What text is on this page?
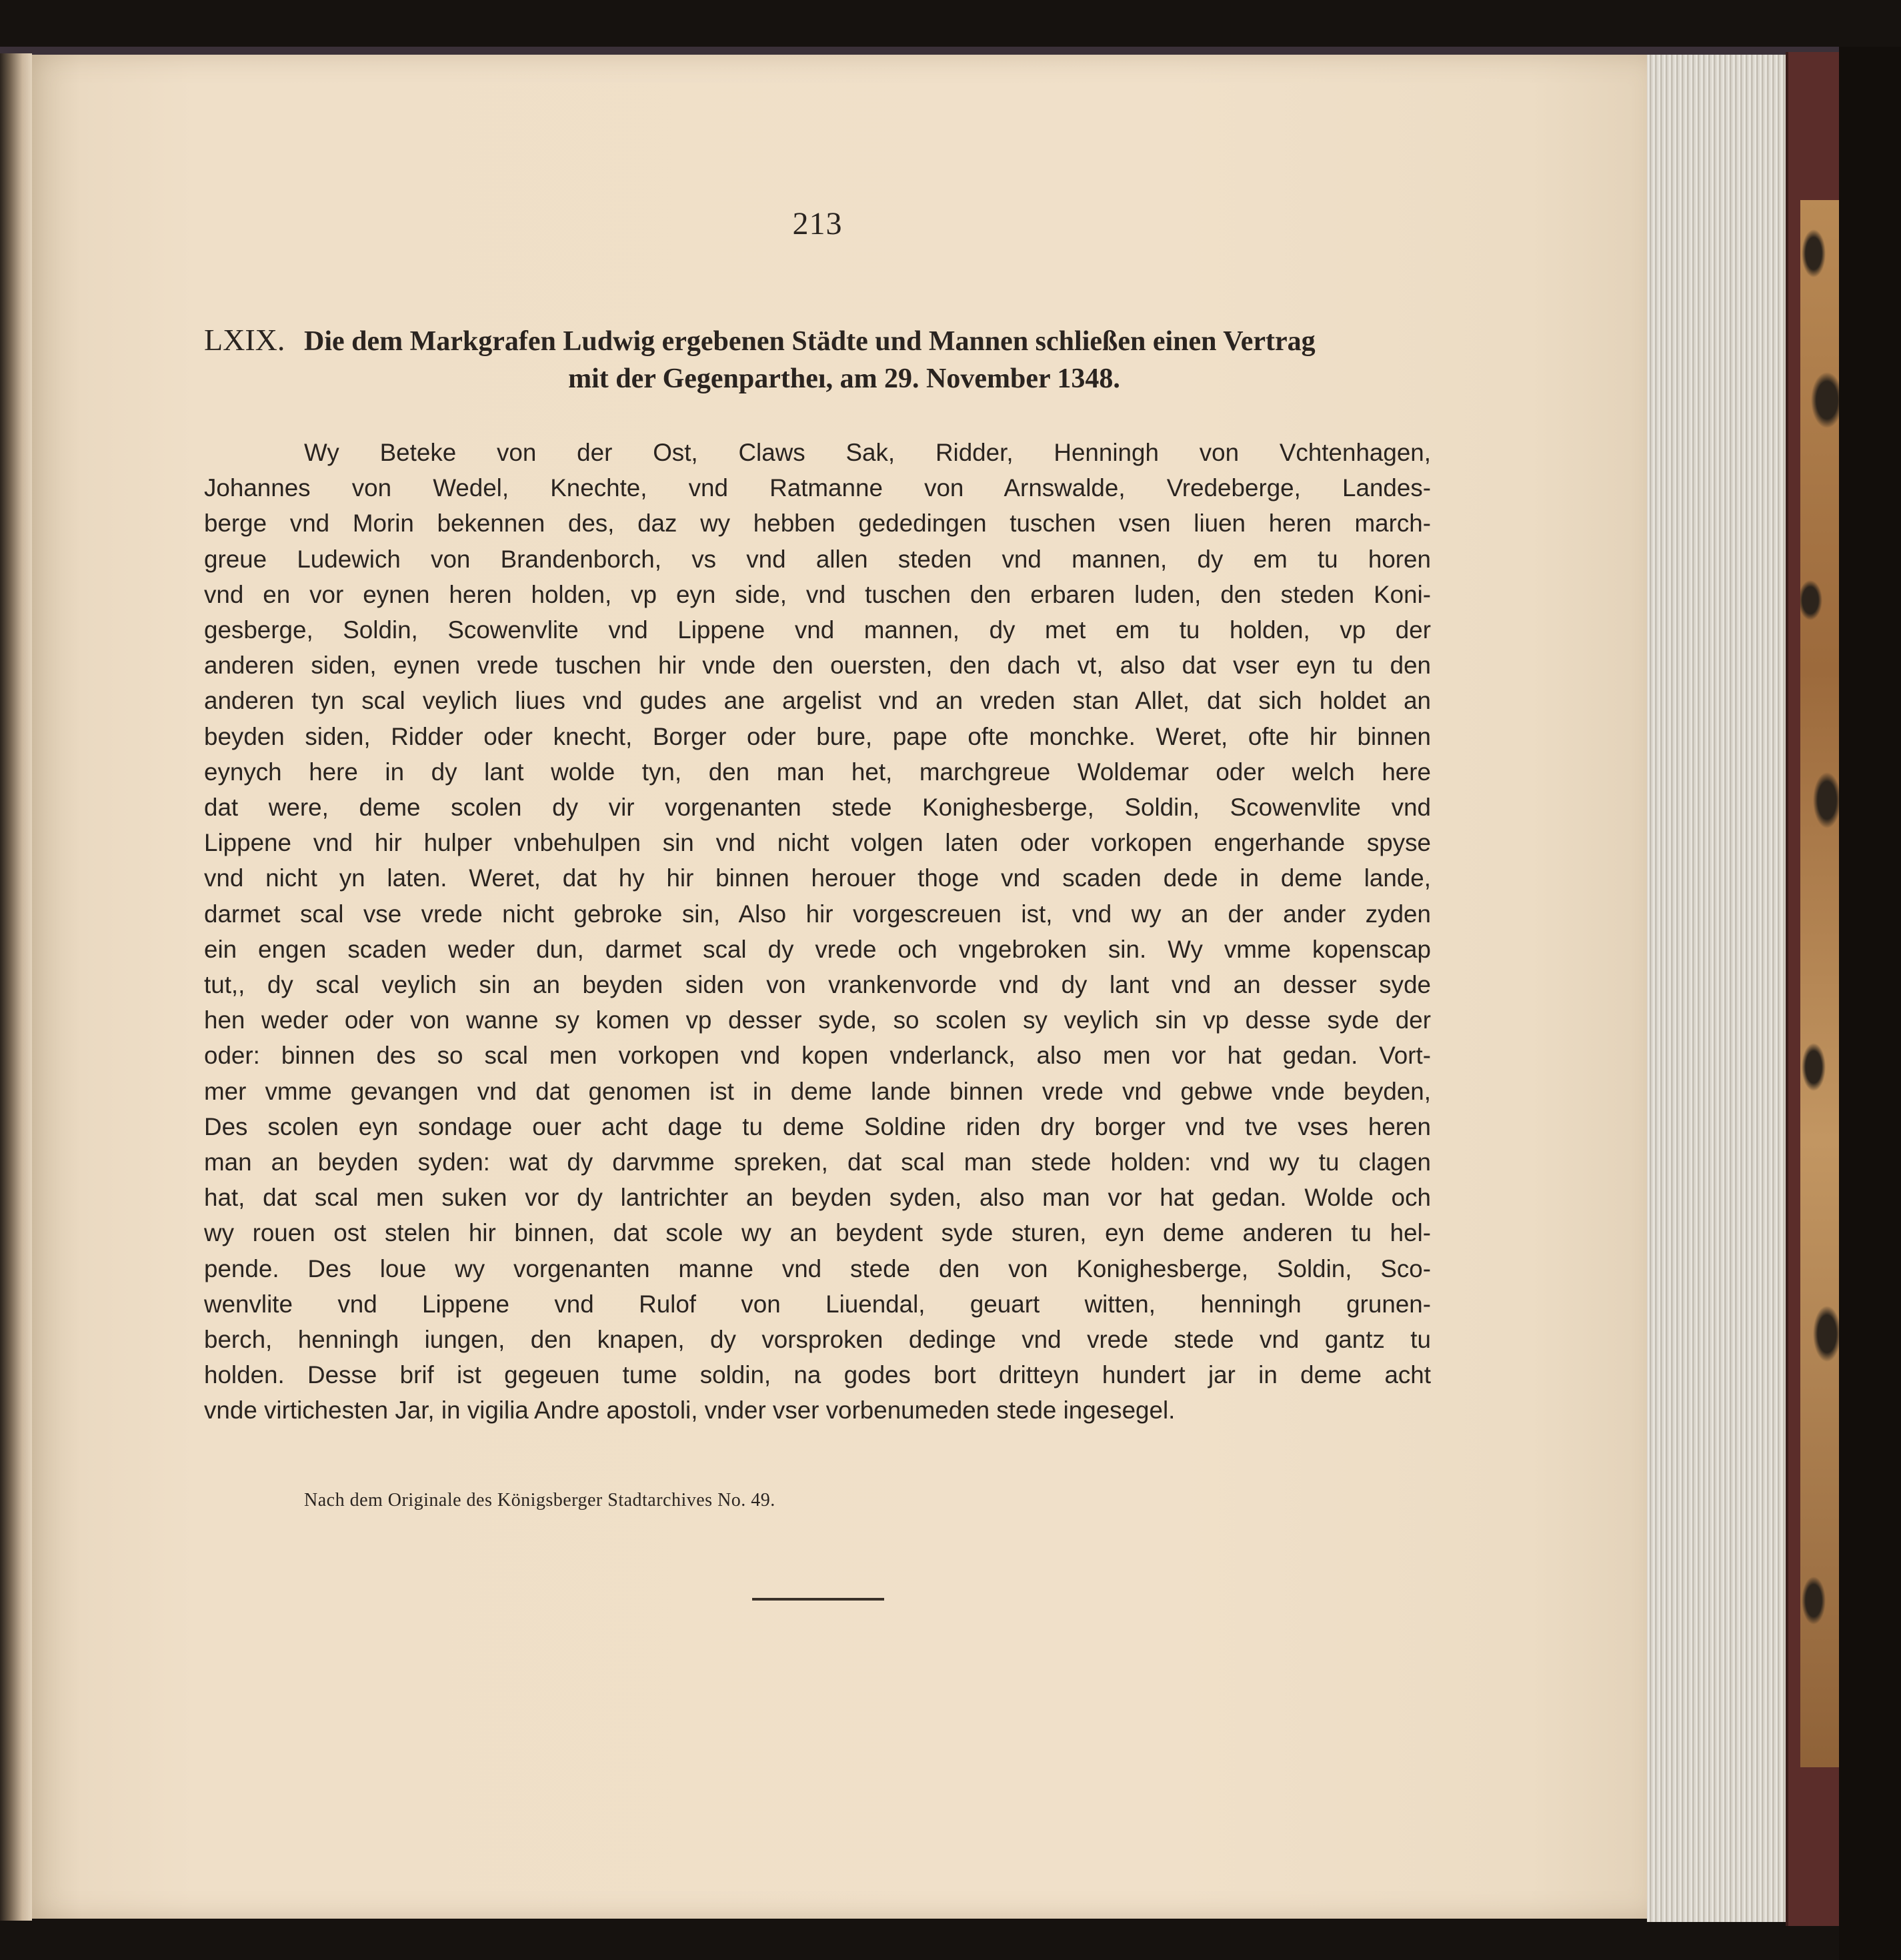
213
LXIX. Die dem Markgrafen Ludwig ergebenen Städte und Mannen schließen einen Vertrag
mit der Gegenpartheı, am 29. November 1348.
Wy Beteke von der Ost, Claws Sak, Ridder, Henningh von Vchtenhagen,
Johannes von Wedel, Knechte, vnd Ratmanne von Arnswalde, Vredeberge, Landes-
berge vnd Morin bekennen des, daz wy hebben gededingen tuschen vsen liuen heren march-
greue Ludewich von Brandenborch, vs vnd allen steden vnd mannen, dy em tu horen
vnd en vor eynen heren holden, vp eyn side, vnd tuschen den erbaren luden, den steden Koni-
gesberge, Soldin, Scowenvlite vnd Lippene vnd mannen, dy met em tu holden, vp der
anderen siden, eynen vrede tuschen hir vnde den ouersten, den dach vt, also dat vser eyn tu den
anderen tyn scal veylich liues vnd gudes ane argelist vnd an vreden stan Allet, dat sich holdet an
beyden siden, Ridder oder knecht, Borger oder bure, pape ofte monchke. Weret, ofte hir binnen
eynych here in dy lant wolde tyn, den man het, marchgreue Woldemar oder welch here
dat were, deme scolen dy vir vorgenanten stede Konighesberge, Soldin, Scowenvlite vnd
Lippene vnd hir hulper vnbehulpen sin vnd nicht volgen laten oder vorkopen engerhande spyse
vnd nicht yn laten. Weret, dat hy hir binnen herouer thoge vnd scaden dede in deme lande,
darmet scal vse vrede nicht gebroke sin, Also hir vorgescreuen ist, vnd wy an der ander zyden
ein engen scaden weder dun, darmet scal dy vrede och vngebroken sin. Wy vmme kopenscap
tut,, dy scal veylich sin an beyden siden von vrankenvorde vnd dy lant vnd an desser syde
hen weder oder von wanne sy komen vp desser syde, so scolen sy veylich sin vp desse syde der
oder: binnen des so scal men vorkopen vnd kopen vnderlanck, also men vor hat gedan. Vort-
mer vmme gevangen vnd dat genomen ist in deme lande binnen vrede vnd gebwe vnde beyden,
Des scolen eyn sondage ouer acht dage tu deme Soldine riden dry borger vnd tve vses heren
man an beyden syden: wat dy darvmme spreken, dat scal man stede holden: vnd wy tu clagen
hat, dat scal men suken vor dy lantrichter an beyden syden, also man vor hat gedan. Wolde och
wy rouen ost stelen hir binnen, dat scole wy an beydent syde sturen, eyn deme anderen tu hel-
pende. Des loue wy vorgenanten manne vnd stede den von Konighesberge, Soldin, Sco-
wenvlite vnd Lippene vnd Rulof von Liuendal, geuart witten, henningh grunen-
berch, henningh iungen, den knapen, dy vorsproken dedinge vnd vrede stede vnd gantz tu
holden. Desse brif ist gegeuen tume soldin, na godes bort dritteyn hundert jar in deme acht
vnde virtichesten Jar, in vigilia Andre apostoli, vnder vser vorbenumeden stede ingesegel.
Nach dem Originale des Königsberger Stadtarchives No. 49.
